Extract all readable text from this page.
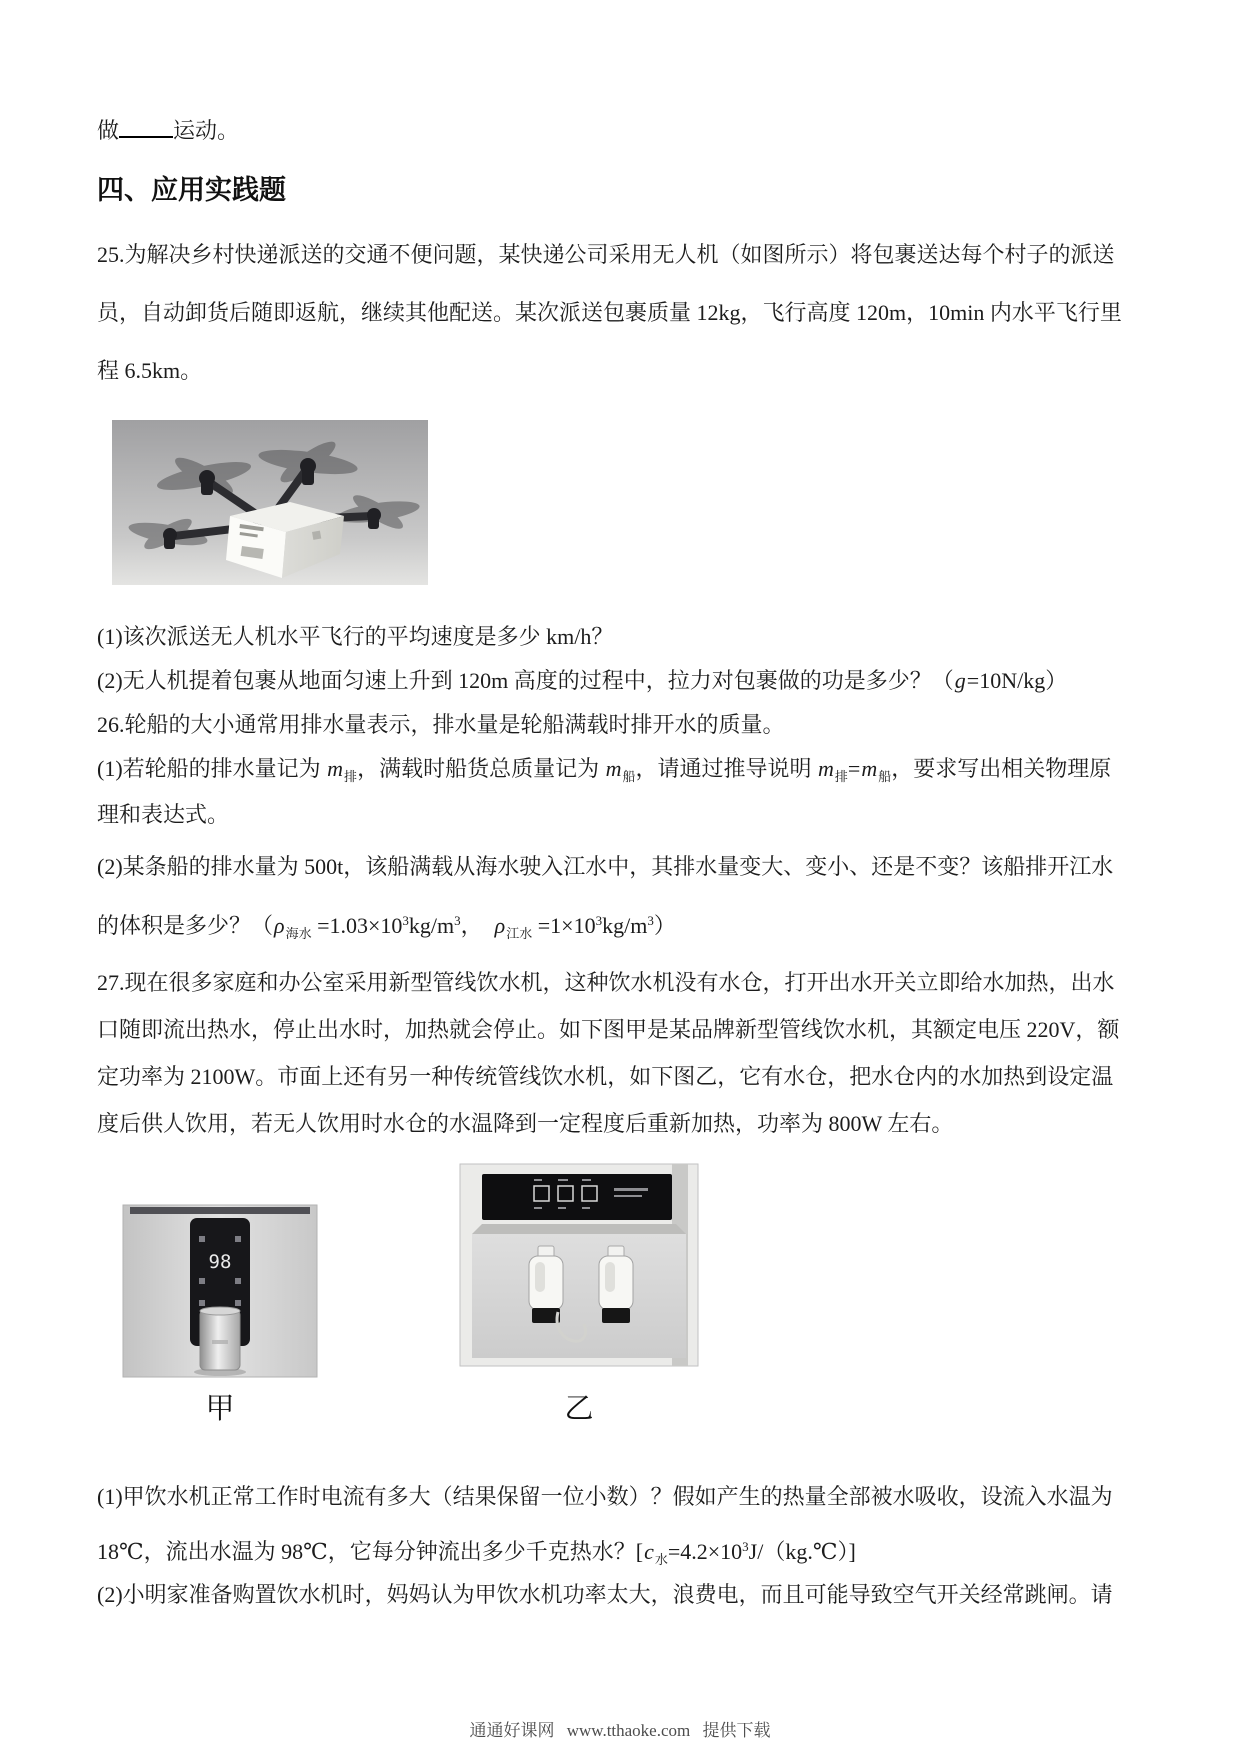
做 运动。
四、应用实践题
25.为解决乡村快递派送的交通不便问题，某快递公司采用无人机（如图所示）将包裹送达每个村子的派送
员，自动卸货后随即返航，继续其他配送。某次派送包裹质量 12kg，飞行高度 120m，10min 内水平飞行里
程 6.5km。
(1)该次派送无人机水平飞行的平均速度是多少 km/h？
(2)无人机提着包裹从地面匀速上升到 120m 高度的过程中，拉力对包裹做的功是多少？（g=10N/kg）
26.轮船的大小通常用排水量表示，排水量是轮船满载时排开水的质量。
(1)若轮船的排水量记为 $m_排$，满载时船货总质量记为 $m_船$，请通过推导说明 $m_排=m_船$，要求写出相关物理原
理和表达式。
(2)某条船的排水量为 500t，该船满载从海水驶入江水中，其排水量变大、变小、还是不变？该船排开江水
的体积是多少？（$\rho_{海水} =1.03\times 10^3kg/m^3$，  $\rho_{江水} =1\times 10^3kg/m^3$）
27.现在很多家庭和办公室采用新型管线饮水机，这种饮水机没有水仓，打开出水开关立即给水加热，出水
口随即流出热水，停止出水时，加热就会停止。如下图甲是某品牌新型管线饮水机，其额定电压 220V，额
定功率为 2100W。市面上还有另一种传统管线饮水机，如下图乙，它有水仓，把水仓内的水加热到设定温
度后供人饮用，若无人饮用时水仓的水温降到一定程度后重新加热，功率为 800W 左右。
98
甲	乙
(1)甲饮水机正常工作时电流有多大（结果保留一位小数）？假如产生的热量全部被水吸收，设流入水温为
18℃，流出水温为 98℃，它每分钟流出多少千克热水？$[c_水=4.2\times 10^3J/(kg.℃)]$
(2)小明家准备购置饮水机时，妈妈认为甲饮水机功率太大，浪费电，而且可能导致空气开关经常跳闸。请
通通好课网 www.tthaoke.com 提供下载
